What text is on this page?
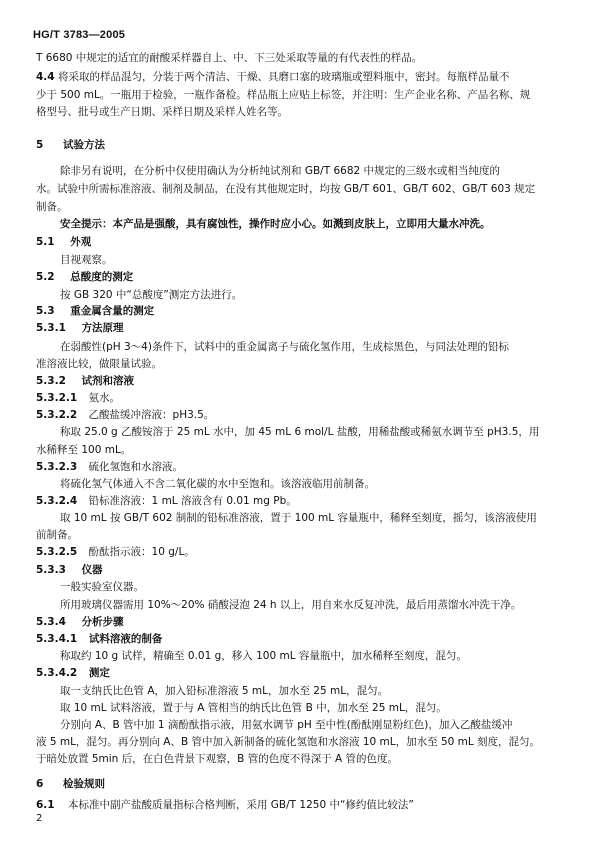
HG/T 3783—2005
T 6680 中规定的适宜的耐酸采样器自上、中、下三处采取等量的有代表性的样品。
4.4 将采取的样品混匀，分装于两个清洁、干燥、具磨口塞的玻璃瓶或塑料瓶中，密封。每瓶样品量不
少于 500 mL。一瓶用于检验，一瓶作备检。样品瓶上应贴上标签，并注明：生产企业名称、产品名称、规
格型号、批号或生产日期、采样日期及采样人姓名等。
5 试验方法
除非另有说明，在分析中仅使用确认为分析纯试剂和 GB/T 6682 中规定的三级水或相当纯度的
水。试验中所需标准溶液、制剂及制品，在没有其他规定时，均按 GB/T 601、GB/T 602、GB/T 603 规定
制备。
安全提示：本产品是强酸，具有腐蚀性，操作时应小心。如溅到皮肤上，立即用大量水冲洗。
5.1 外观
目视观察。
5.2 总酸度的测定
按 GB 320 中“总酸度”测定方法进行。
5.3 重金属含量的测定
5.3.1 方法原理
在弱酸性(pH 3～4)条件下，试料中的重金属离子与硫化氢作用，生成棕黑色，与同法处理的铅标
准溶液比较，做限量试验。
5.3.2 试剂和溶液
5.3.2.1 氨水。
5.3.2.2 乙酸盐缓冲溶液：pH3.5。
称取 25.0 g 乙酸铵溶于 25 mL 水中，加 45 mL 6 mol/L 盐酸，用稀盐酸或稀氨水调节至 pH3.5，用
水稀释至 100 mL。
5.3.2.3 硫化氢饱和水溶液。
将硫化氢气体通入不含二氧化碳的水中至饱和。该溶液临用前制备。
5.3.2.4 铅标准溶液：1 mL 溶液含有 0.01 mg Pb。
取 10 mL 按 GB/T 602 制制的铅标准溶液，置于 100 mL 容量瓶中，稀释至刻度，摇匀，该溶液使用
前制备。
5.3.2.5 酚酞指示液：10 g/L。
5.3.3 仪器
一般实验室仪器。
所用玻璃仪器需用 10%～20% 硝酸浸泡 24 h 以上，用自来水反复冲洗，最后用蒸馏水冲洗干净。
5.3.4 分析步骤
5.3.4.1 试料溶液的制备
称取约 10 g 试样，精确至 0.01 g，移入 100 mL 容量瓶中，加水稀释至刻度，混匀。
5.3.4.2 测定
取一支纳氏比色管 A，加入铅标准溶液 5 mL，加水至 25 mL，混匀。
取 10 mL 试料溶液，置于与 A 管相当的纳氏比色管 B 中，加水至 25 mL，混匀。
分别向 A、B 管中加 1 滴酚酞指示液，用氨水调节 pH 至中性(酚酞刚显粉红色)，加入乙酸盐缓冲
液 5 mL，混匀。再分别向 A、B 管中加入新制备的硫化氢饱和水溶液 10 mL，加水至 50 mL 刻度，混匀。
于暗处放置 5min 后，在白色背景下观察，B 管的色度不得深于 A 管的色度。
6 检验规则
6.1 本标准中副产盐酸质量指标合格判断，采用 GB/T 1250 中“修约值比较法”
2
